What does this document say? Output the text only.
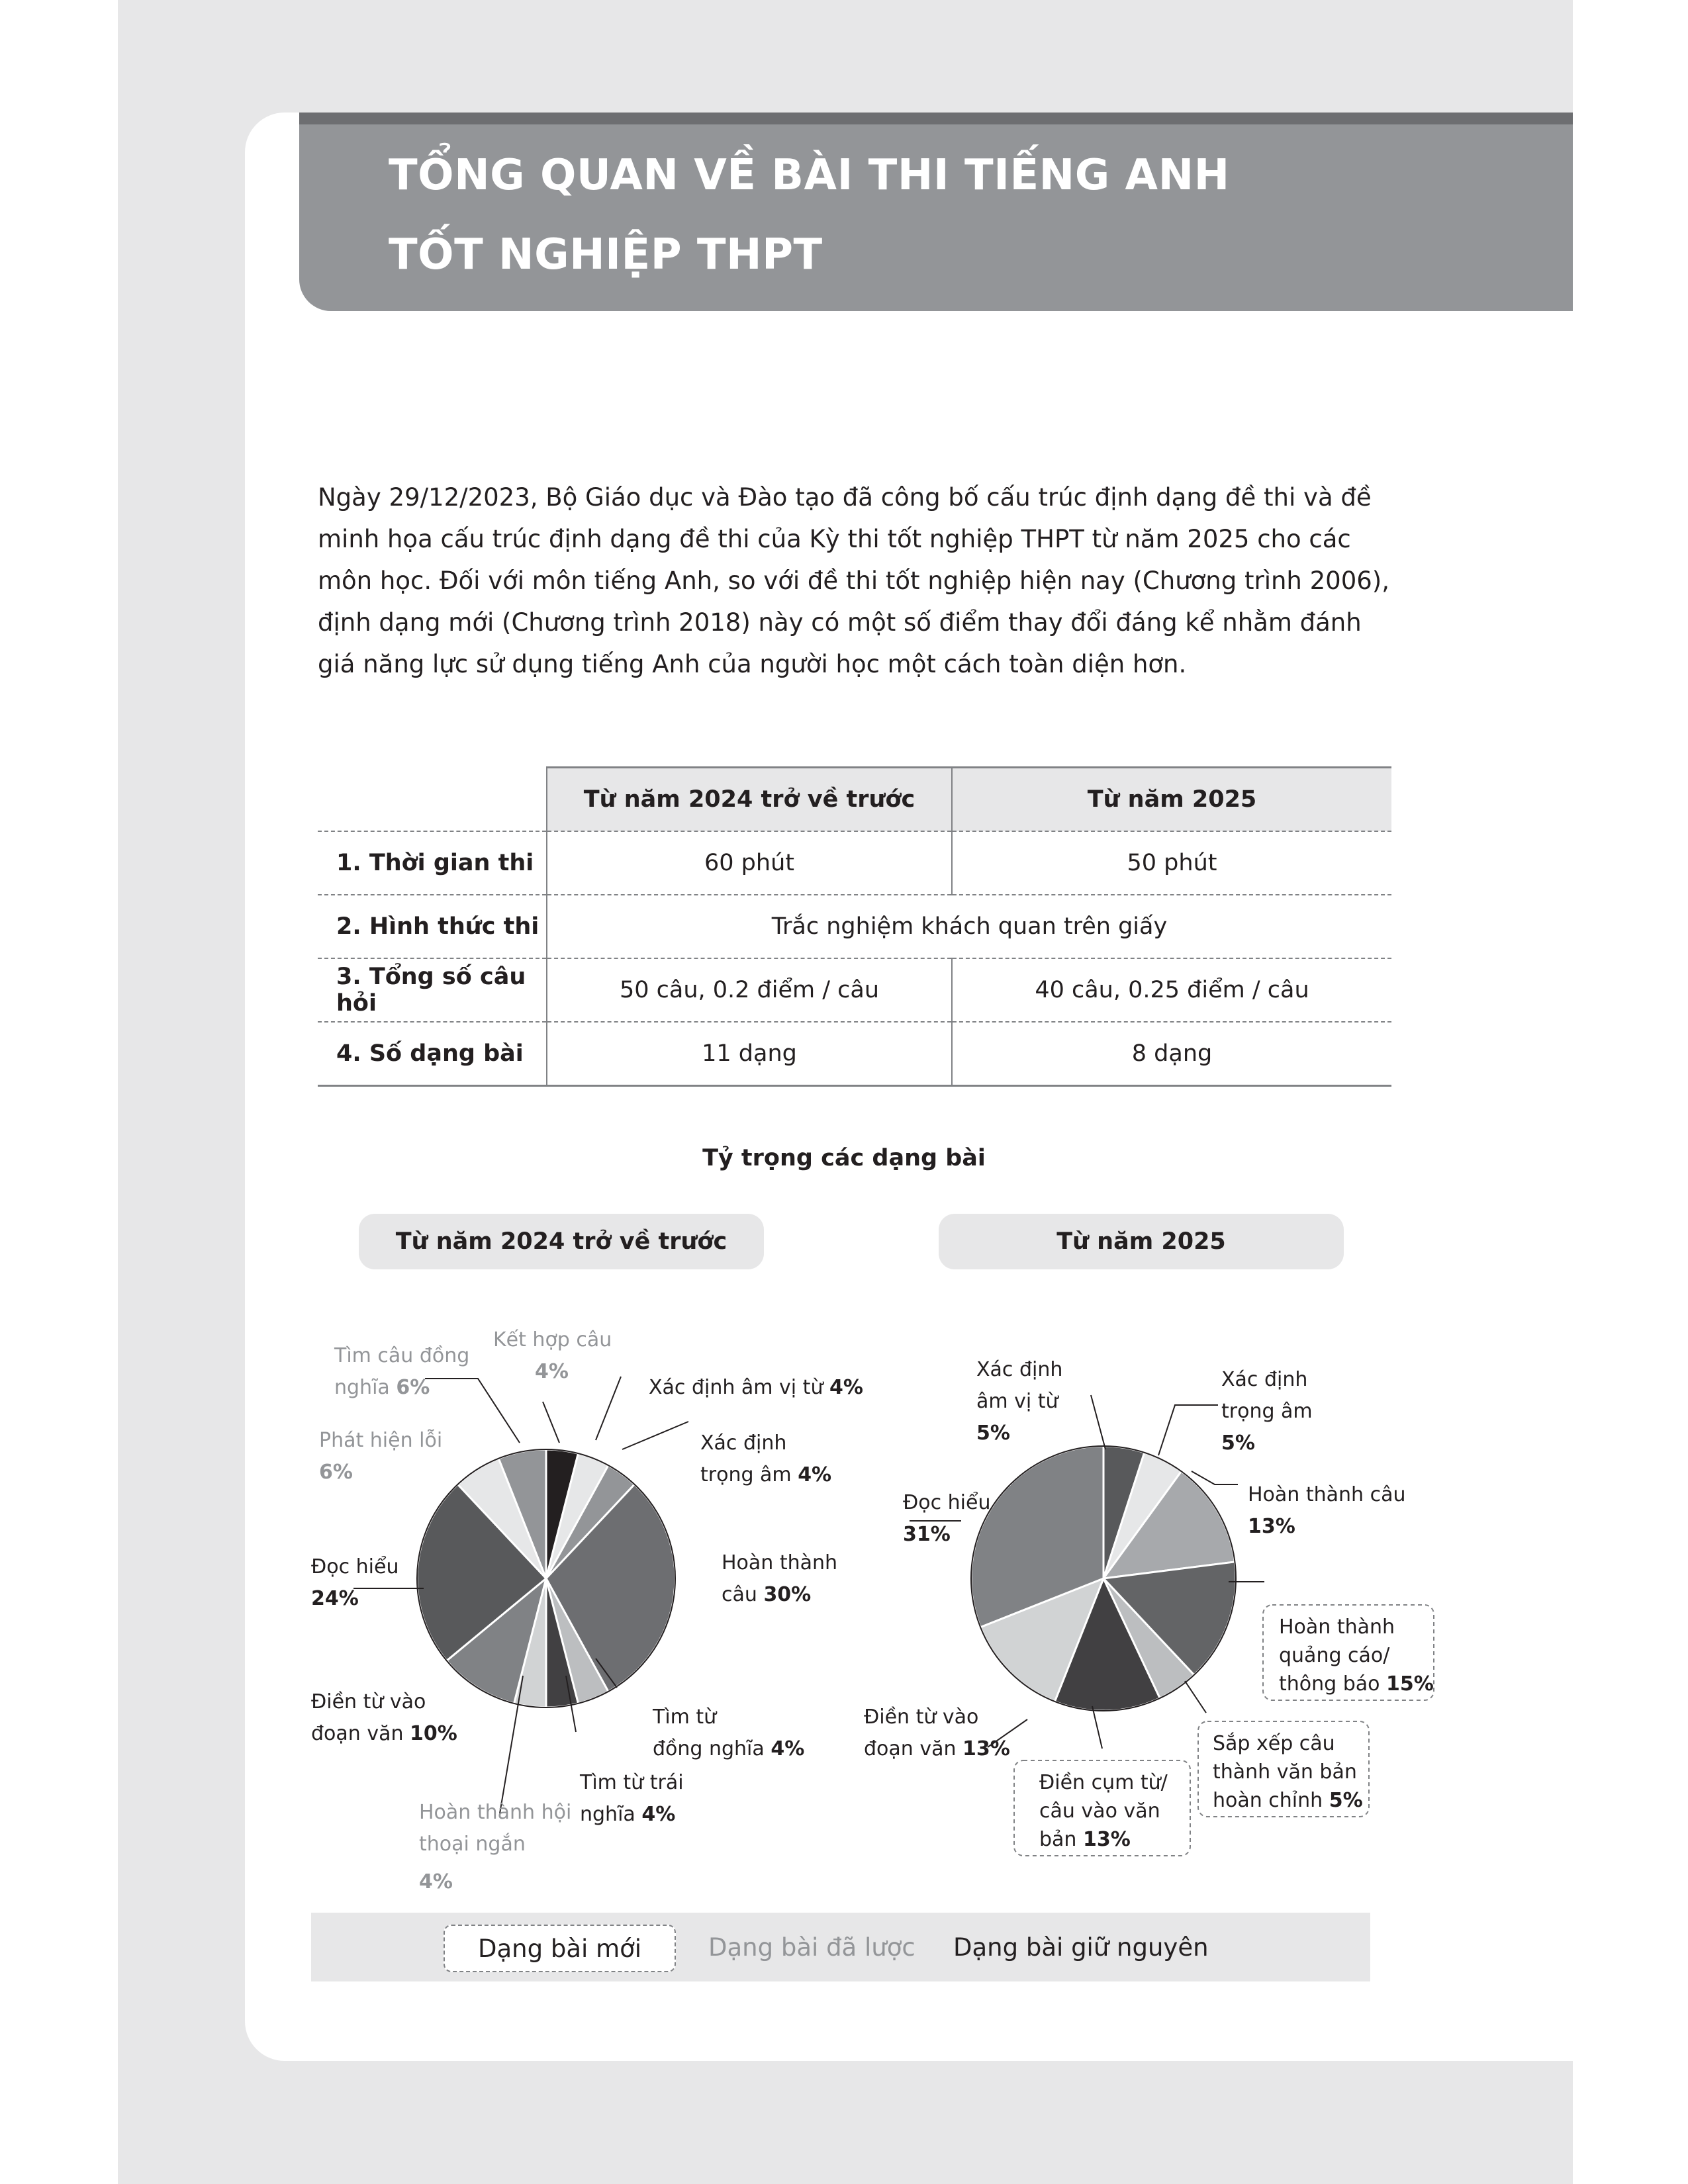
TỔNG QUAN VỀ BÀI THI TIẾNG ANH
TỐT NGHIỆP THPT

Ngày 29/12/2023, Bộ Giáo dục và Đào tạo đã công bố cấu trúc định dạng đề thi và đề minh họa cấu trúc định dạng đề thi của Kỳ thi tốt nghiệp THPT từ năm 2025 cho các môn học. Đối với môn tiếng Anh, so với đề thi tốt nghiệp hiện nay (Chương trình 2006), định dạng mới (Chương trình 2018) này có một số điểm thay đổi đáng kể nhằm đánh giá năng lực sử dụng tiếng Anh của người học một cách toàn diện hơn.

	Từ năm 2024 trở về trước	Từ năm 2025
1. Thời gian thi	60 phút	50 phút
2. Hình thức thi	Trắc nghiệm khách quan trên giấy	
3. Tổng số câu hỏi	50 câu, 0.2 điểm / câu	40 câu, 0.25 điểm / câu
4. Số dạng bài	11 dạng	8 dạng
Tỷ trọng các dạng bài
Từ năm 2024 trở về trước	Từ năm 2025
Kết hợp câu
4%
Tìm câu đồng
nghĩa 6%
Phát hiện lỗi
6%
Xác định âm vị từ 4%
Xác định
trọng âm 4%
Hoàn thành
câu 30%
Đọc hiểu
24%
Điền từ vào
đoạn văn 10%
Tìm từ
đồng nghĩa 4%
Tìm từ trái
nghĩa 4%
Hoàn thành hội
thoại ngắn
4%
Xác định
âm vị từ
5%
Xác định
trọng âm
5%
Hoàn thành câu
13%
Đọc hiểu
31%
Hoàn thành
quảng cáo/
thông báo 15%
Sắp xếp câu
thành văn bản
hoàn chỉnh 5%
Điền cụm từ/
câu vào văn
bản 13%
Điền từ vào
đoạn văn 13%
Dạng bài mới	Dạng bài đã lược Dạng bài giữ nguyên
